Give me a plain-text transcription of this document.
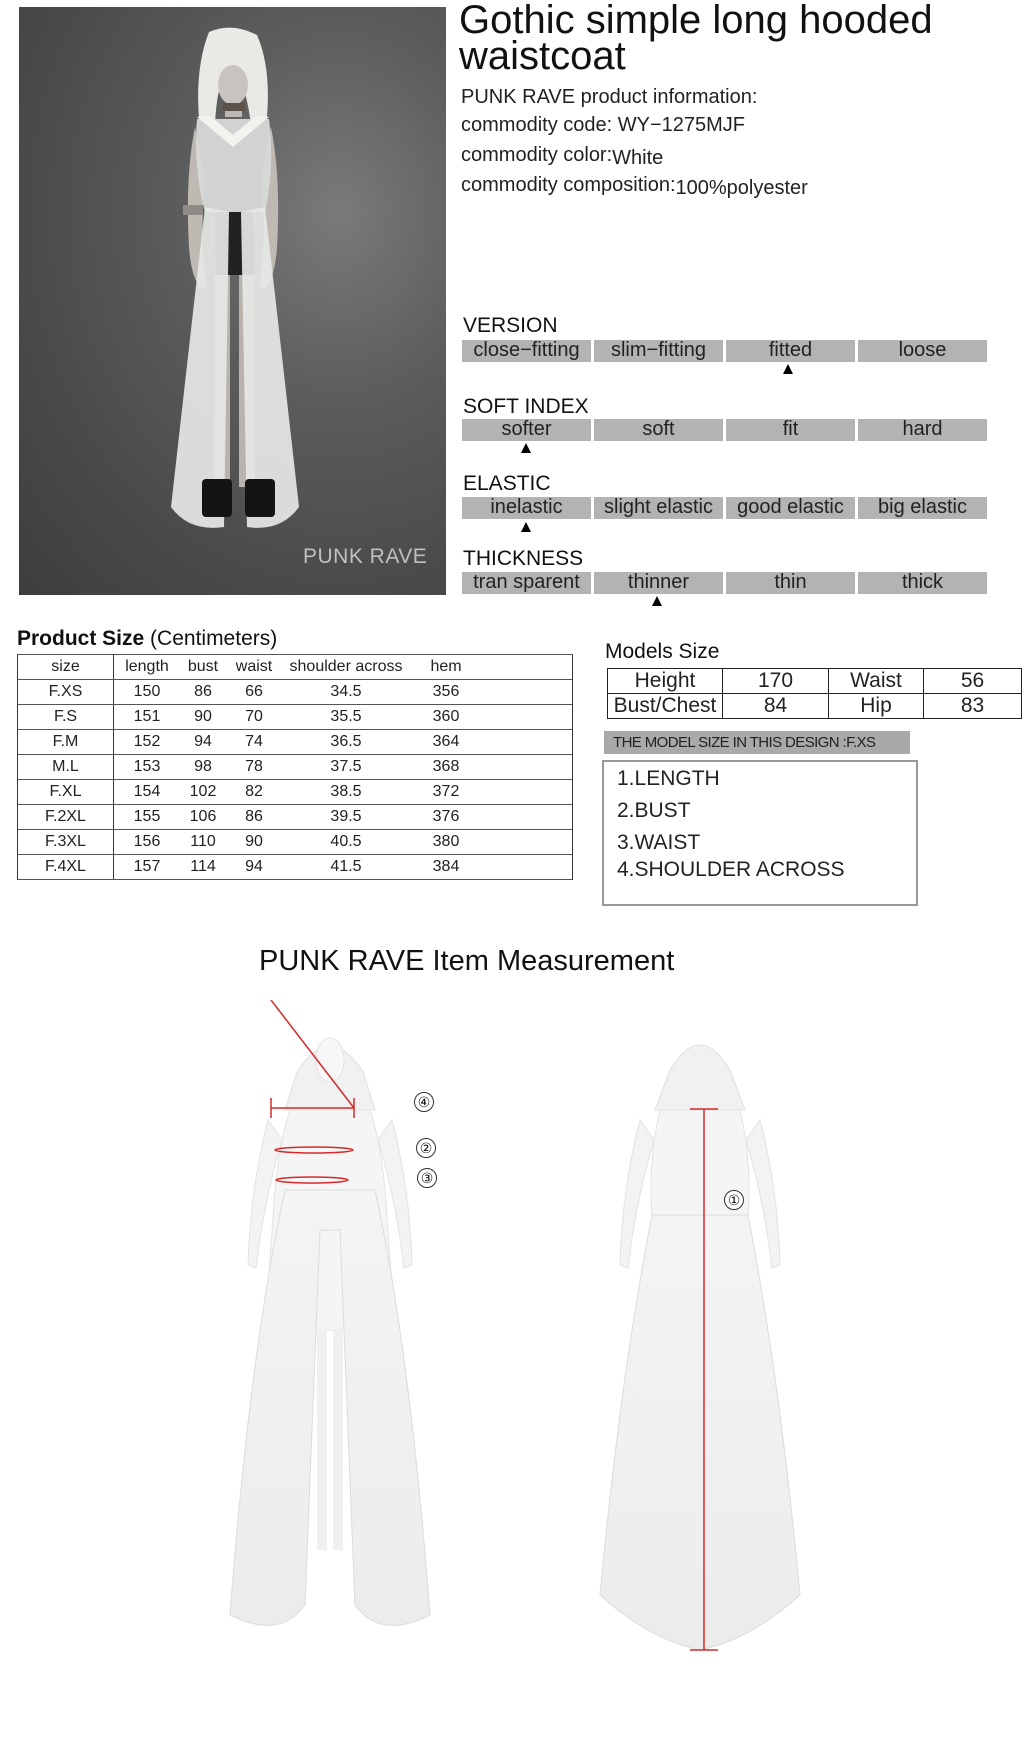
PUNK RAVE
Gothic simple long hooded waistcoat
PUNK RAVE product information:
commodity code: WY−1275MJF
commodity color:White
commodity composition:100%polyester
VERSION
close−fitting	slim−fitting	fitted	loose
SOFT INDEX
softer	soft	fit	hard
ELASTIC
inelastic	slight elastic	good elastic	big elastic
THICKNESS
tran sparent	thinner	thin	thick
Product Size (Centimeters)
size	length	bust	waist	shoulder across	hem	
F.XS	150	86	66	34.5	356	
F.S	151	90	70	35.5	360	
F.M	152	94	74	36.5	364	
M.L	153	98	78	37.5	368	
F.XL	154	102	82	38.5	372	
F.2XL	155	106	86	39.5	376	
F.3XL	156	110	90	40.5	380	
F.4XL	157	114	94	41.5	384	
Models Size
Height	170	Waist	56
Bust/Chest	84	Hip	83
THE MODEL SIZE IN THIS DESIGN :F.XS
1.LENGTH
2.BUST
3.WAIST
4.SHOULDER ACROSS
PUNK RAVE Item Measurement
④
②
③
①
